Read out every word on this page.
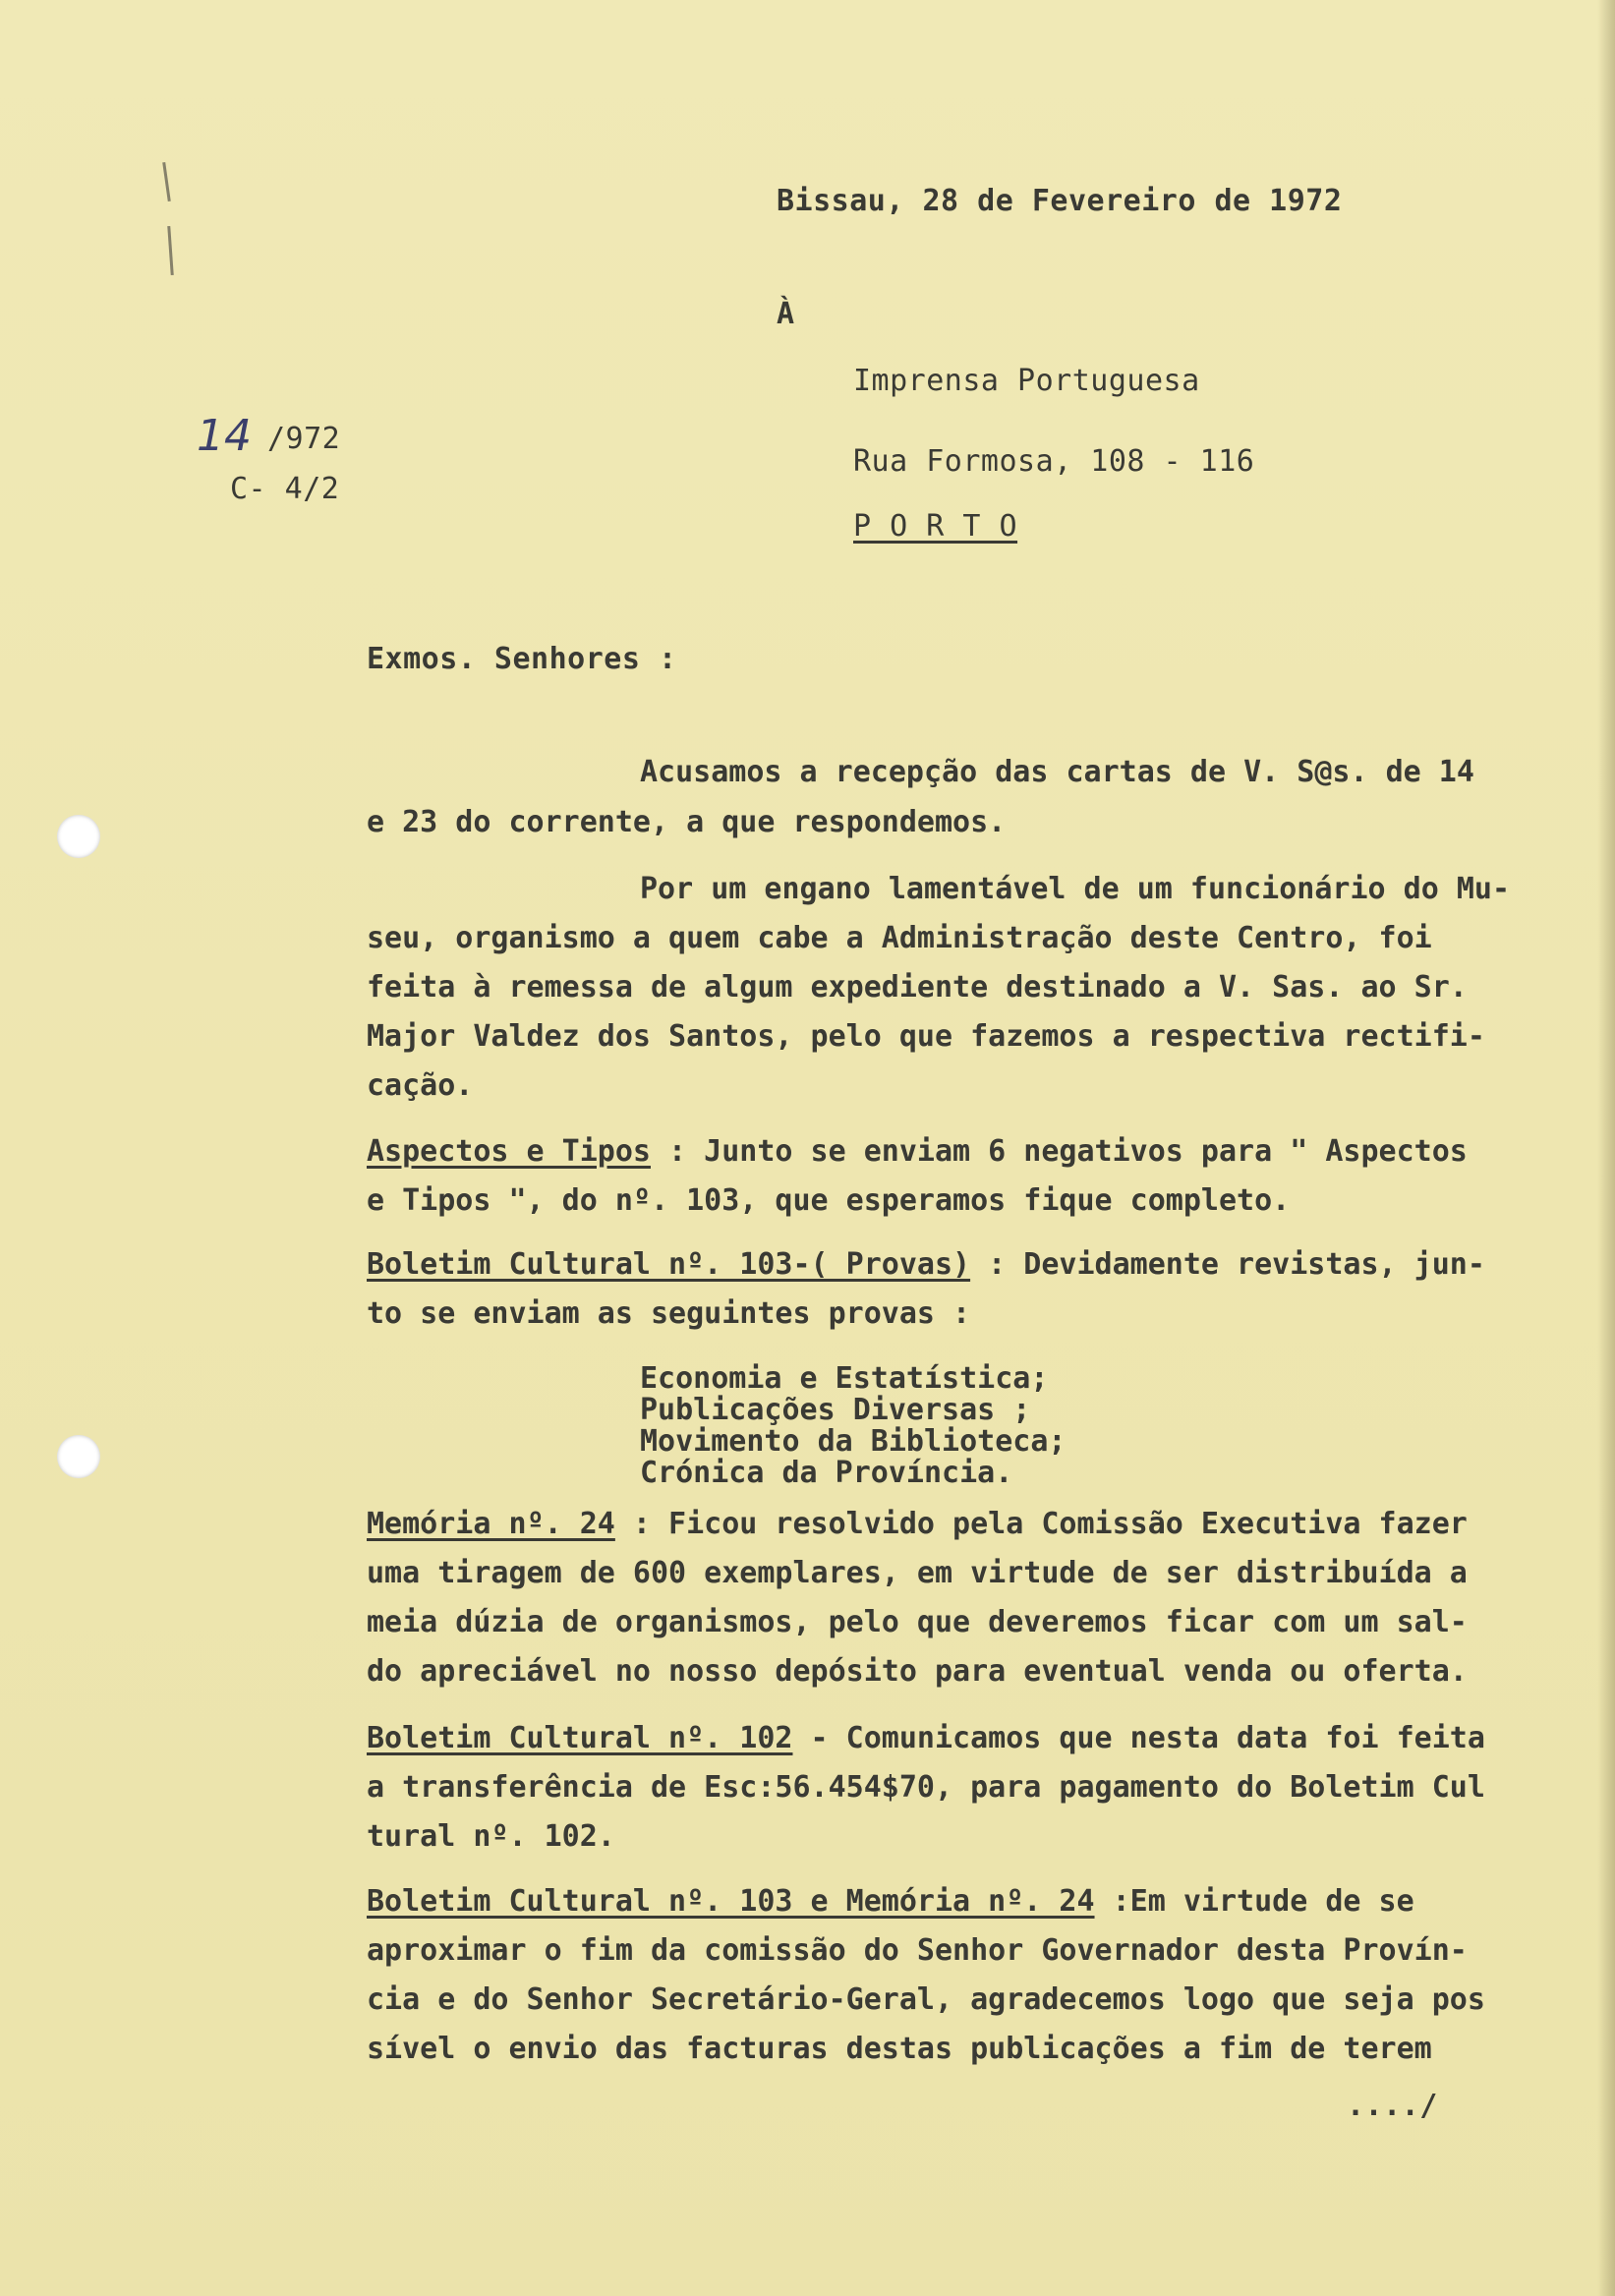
Bissau, 28 de Fevereiro de 1972
À
Imprensa Portuguesa
Rua Formosa, 108 - 116
P O R T O
14 /972
C- 4/2
Exmos. Senhores :
Acusamos a recepção das cartas de V. S@s. de 14
e 23 do corrente, a que respondemos.
Por um engano lamentável de um funcionário do Mu-
seu, organismo a quem cabe a Administração deste Centro, foi
feita à remessa de algum expediente destinado a V. Sas. ao Sr.
Major Valdez dos Santos, pelo que fazemos a respectiva rectifi-
cação.
Aspectos e Tipos : Junto se enviam 6 negativos para " Aspectos
e Tipos ", do nº. 103, que esperamos fique completo.
Boletim Cultural nº. 103-( Provas) : Devidamente revistas, jun-
to se enviam as seguintes provas :
Economia e Estatística;
Publicações Diversas ;
Movimento da Biblioteca;
Crónica da Província.
Memória nº. 24 : Ficou resolvido pela Comissão Executiva fazer
uma tiragem de 600 exemplares, em virtude de ser distribuída a
meia dúzia de organismos, pelo que deveremos ficar com um sal-
do apreciável no nosso depósito para eventual venda ou oferta.
Boletim Cultural nº. 102 - Comunicamos que nesta data foi feita
a transferência de Esc:56.454$70, para pagamento do Boletim Cul
tural nº. 102.
Boletim Cultural nº. 103 e Memória nº. 24 :Em virtude de se
aproximar o fim da comissão do Senhor Governador desta Provín-
cia e do Senhor Secretário-Geral, agradecemos logo que seja pos
sível o envio das facturas destas publicações a fim de terem
..../
